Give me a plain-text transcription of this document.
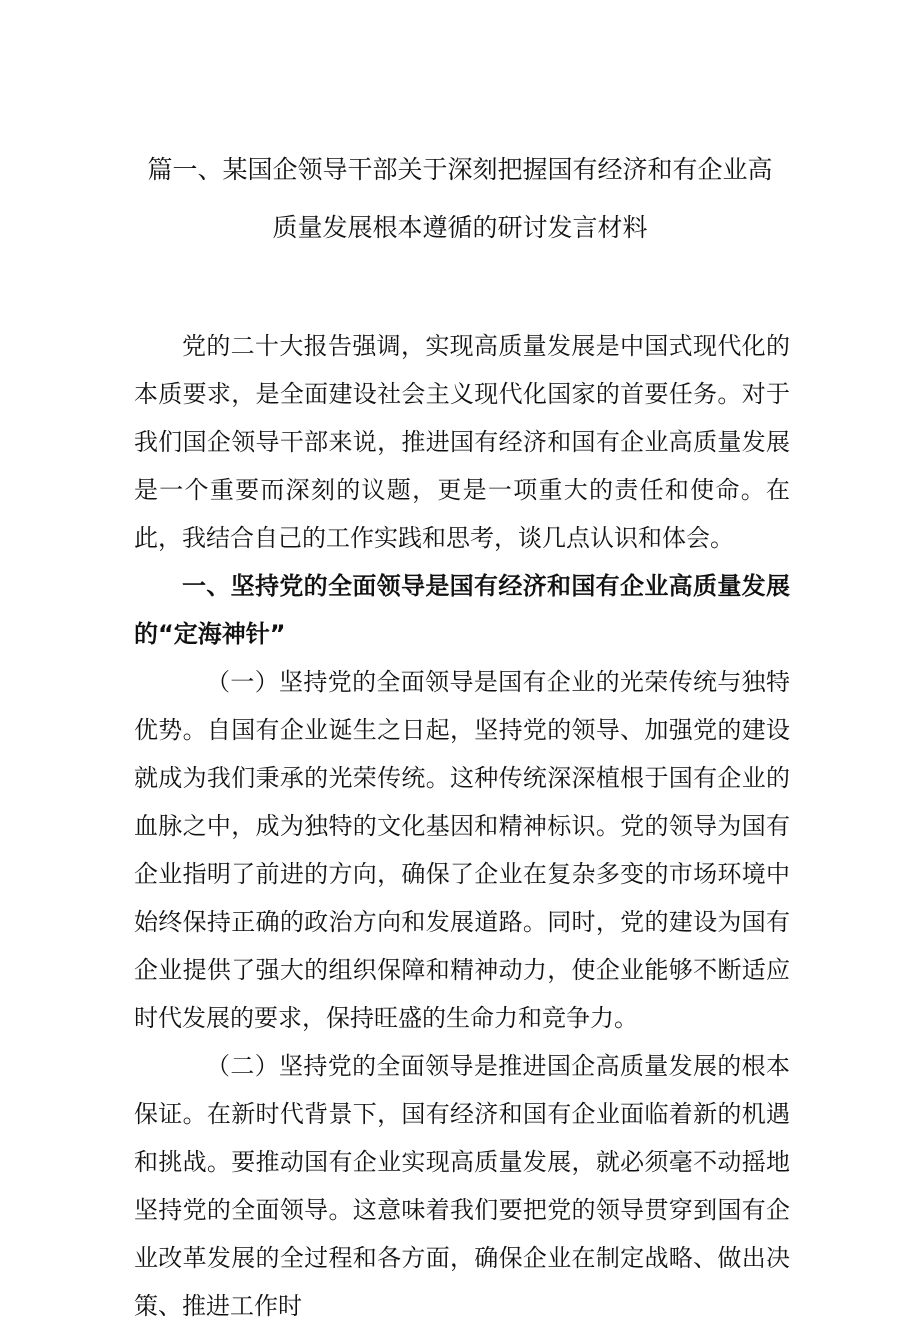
篇一、某国企领导干部关于深刻把握国有经济和有企业高
质量发展根本遵循的研讨发言材料

党的二十大报告强调，实现高质量发展是中国式现代化的本质要求，是全面建设社会主义现代化国家的首要任务。对于我们国企领导干部来说，推进国有经济和国有企业高质量发展是一个重要而深刻的议题，更是一项重大的责任和使命。在此，我结合自己的工作实践和思考，谈几点认识和体会。

一、坚持党的全面领导是国有经济和国有企业高质量发展的“定海神针”

（一）坚持党的全面领导是国有企业的光荣传统与独特优势。自国有企业诞生之日起，坚持党的领导、加强党的建设就成为我们秉承的光荣传统。这种传统深深植根于国有企业的血脉之中，成为独特的文化基因和精神标识。党的领导为国有企业指明了前进的方向，确保了企业在复杂多变的市场环境中始终保持正确的政治方向和发展道路。同时，党的建设为国有企业提供了强大的组织保障和精神动力，使企业能够不断适应时代发展的要求，保持旺盛的生命力和竞争力。

（二）坚持党的全面领导是推进国企高质量发展的根本保证。在新时代背景下，国有经济和国有企业面临着新的机遇和挑战。要推动国有企业实现高质量发展，就必须毫不动摇地坚持党的全面领导。这意味着我们要把党的领导贯穿到国有企业改革发展的全过程和各方面，确保企业在制定战略、做出决策、推进工作时
